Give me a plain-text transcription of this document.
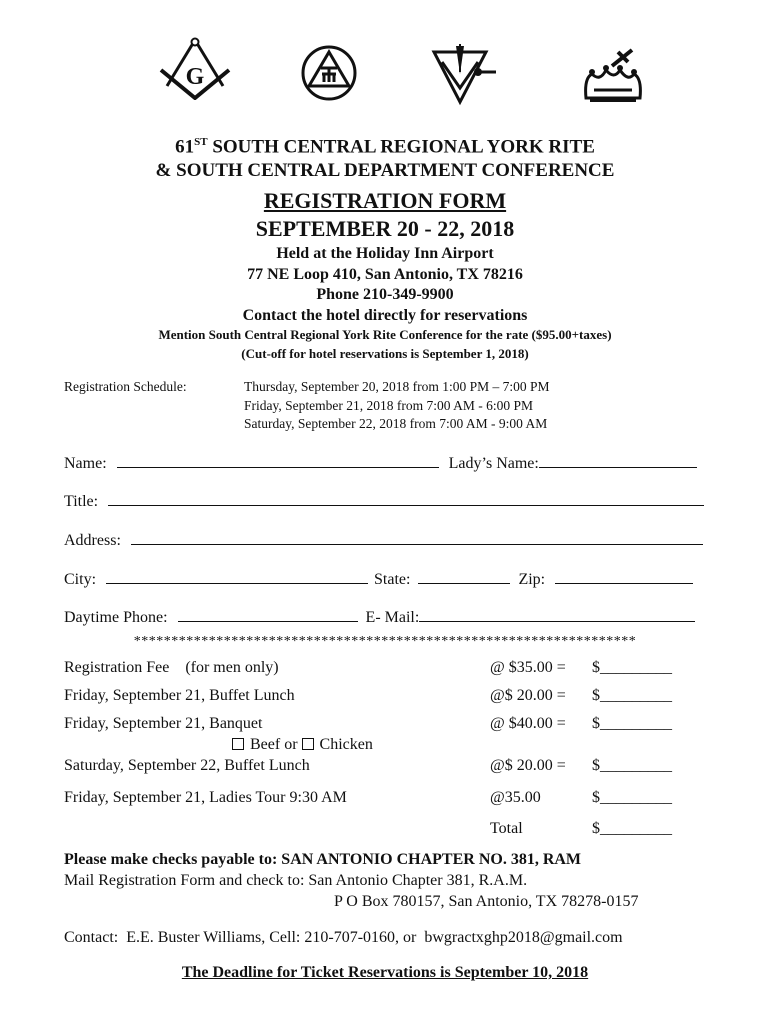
G
61ST SOUTH CENTRAL REGIONAL YORK RITE
& SOUTH CENTRAL DEPARTMENT CONFERENCE
REGISTRATION FORM
SEPTEMBER 20 - 22, 2018
Held at the Holiday Inn Airport
77 NE Loop 410, San Antonio, TX 78216
Phone 210-349-9900
Contact the hotel directly for reservations
Mention South Central Regional York Rite Conference for the rate ($95.00+taxes)
(Cut-off for hotel reservations is September 1, 2018)
Registration Schedule:	Thursday, September 20, 2018 from 1:00 PM – 7:00 PM
Friday, September 21, 2018 from 7:00 AM - 6:00 PM
Saturday, September 22, 2018 from 7:00 AM - 9:00 AM
Name:	Lady’s Name:
Title:
Address:
City:	State:	Zip:
Daytime Phone:	E- Mail:
*******************************************************************
Registration Fee    (for men only)	@ $35.00 = $_________
Friday, September 21, Buffet Lunch	@$ 20.00 = $_________
Friday, September 21, Banquet	@ $40.00 = $_________
Beef or Chicken
Saturday, September 22, Buffet Lunch	@$ 20.00 = $_________
Friday, September 21, Ladies Tour 9:30 AM	@35.00	$_________
Total	$_________
Please make checks payable to: SAN ANTONIO CHAPTER NO. 381, RAM
Mail Registration Form and check to: San Antonio Chapter 381, R.A.M.
P O Box 780157, San Antonio, TX 78278-0157
Contact:  E.E. Buster Williams, Cell: 210-707-0160, or  bwgractxghp2018@gmail.com
The Deadline for Ticket Reservations is September 10, 2018
